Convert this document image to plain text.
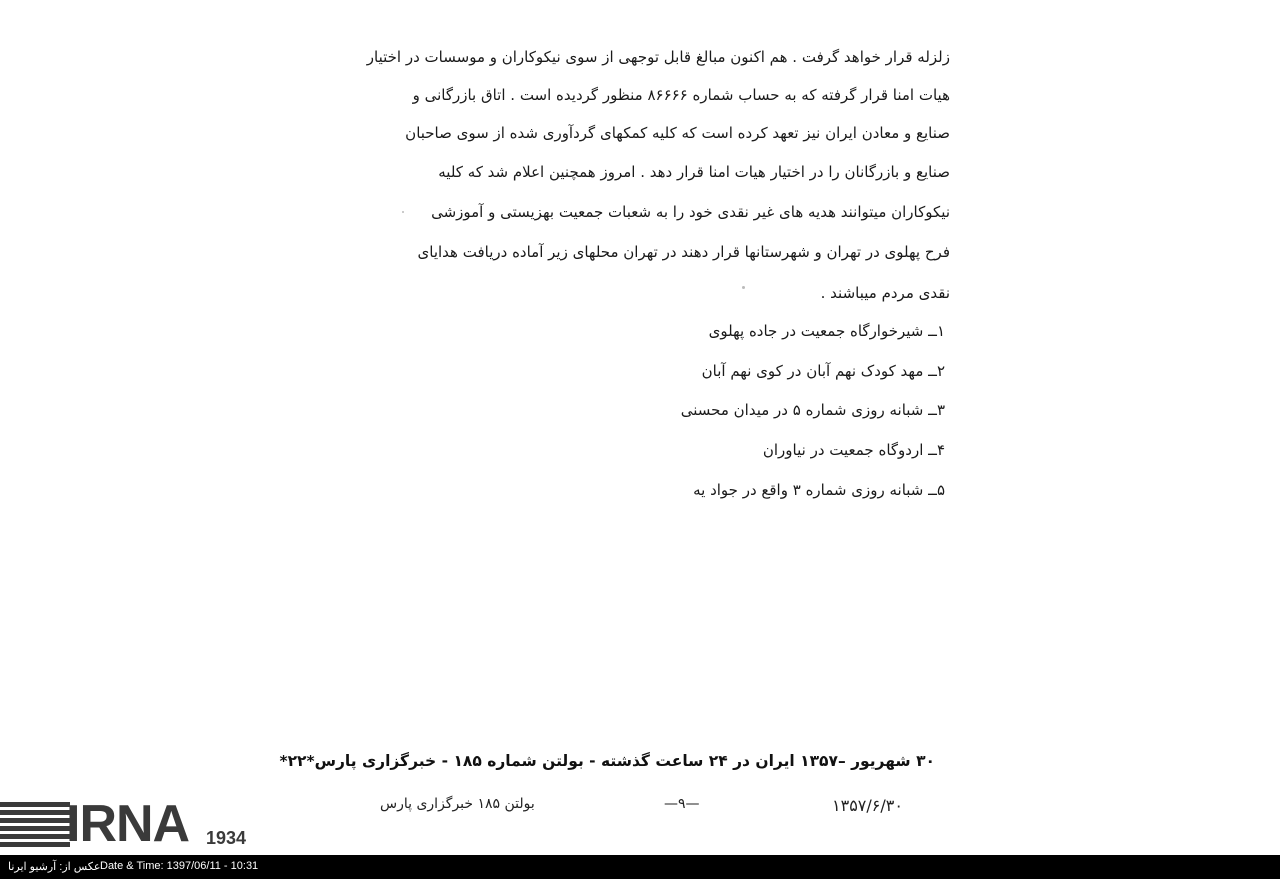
زلزله قرار خواهد گرفت . هم اکنون مبالغ قابل توجهی از سوی نیکوکاران و موسسات در اختیار
هیات امنا قرار گرفته که به حساب شماره ۸۶۶۶۶ منظور گردیده است . اتاق بازرگانی و
صنایع و معادن ایران نیز تعهد کرده است که کلیه کمکهای گردآوری شده از سوی صاحبان
صنایع و بازرگانان را در اختیار هیات امنا قرار دهد . امروز همچنین اعلام شد که کلیه
نیکوکاران میتوانند هدیه های غیر نقدی خود را به شعبات جمعیت بهزیستی و آموزشی
فرح پهلوی در تهران و شهرستانها قرار دهند در تهران محلهای زیر آماده دریافت هدایای
نقدی مردم میباشند .
۱ــ شیرخوارگاه جمعیت در جاده پهلوی
۲ــ مهد کودک نهم آبان در کوی نهم آبان
۳ــ شبانه روزی شماره ۵ در میدان محسنی
۴ــ اردوگاه جمعیت در نیاوران
۵ــ شبانه روزی شماره ۳ واقع در جواد یه
۳۰ شهریور –۱۳۵۷ ایران در ۲۴ ساعت گذشته - بولتن شماره ۱۸۵ - خبرگزاری پارس*۲۲*
بولتن ۱۸۵ خبرگزاری پارس	—۹—	۱۳۵۷/۶/۳۰
IRNA 1934
عکس از: آرشیو ایرنا Date & Time: 1397/06/11 - 10:31
